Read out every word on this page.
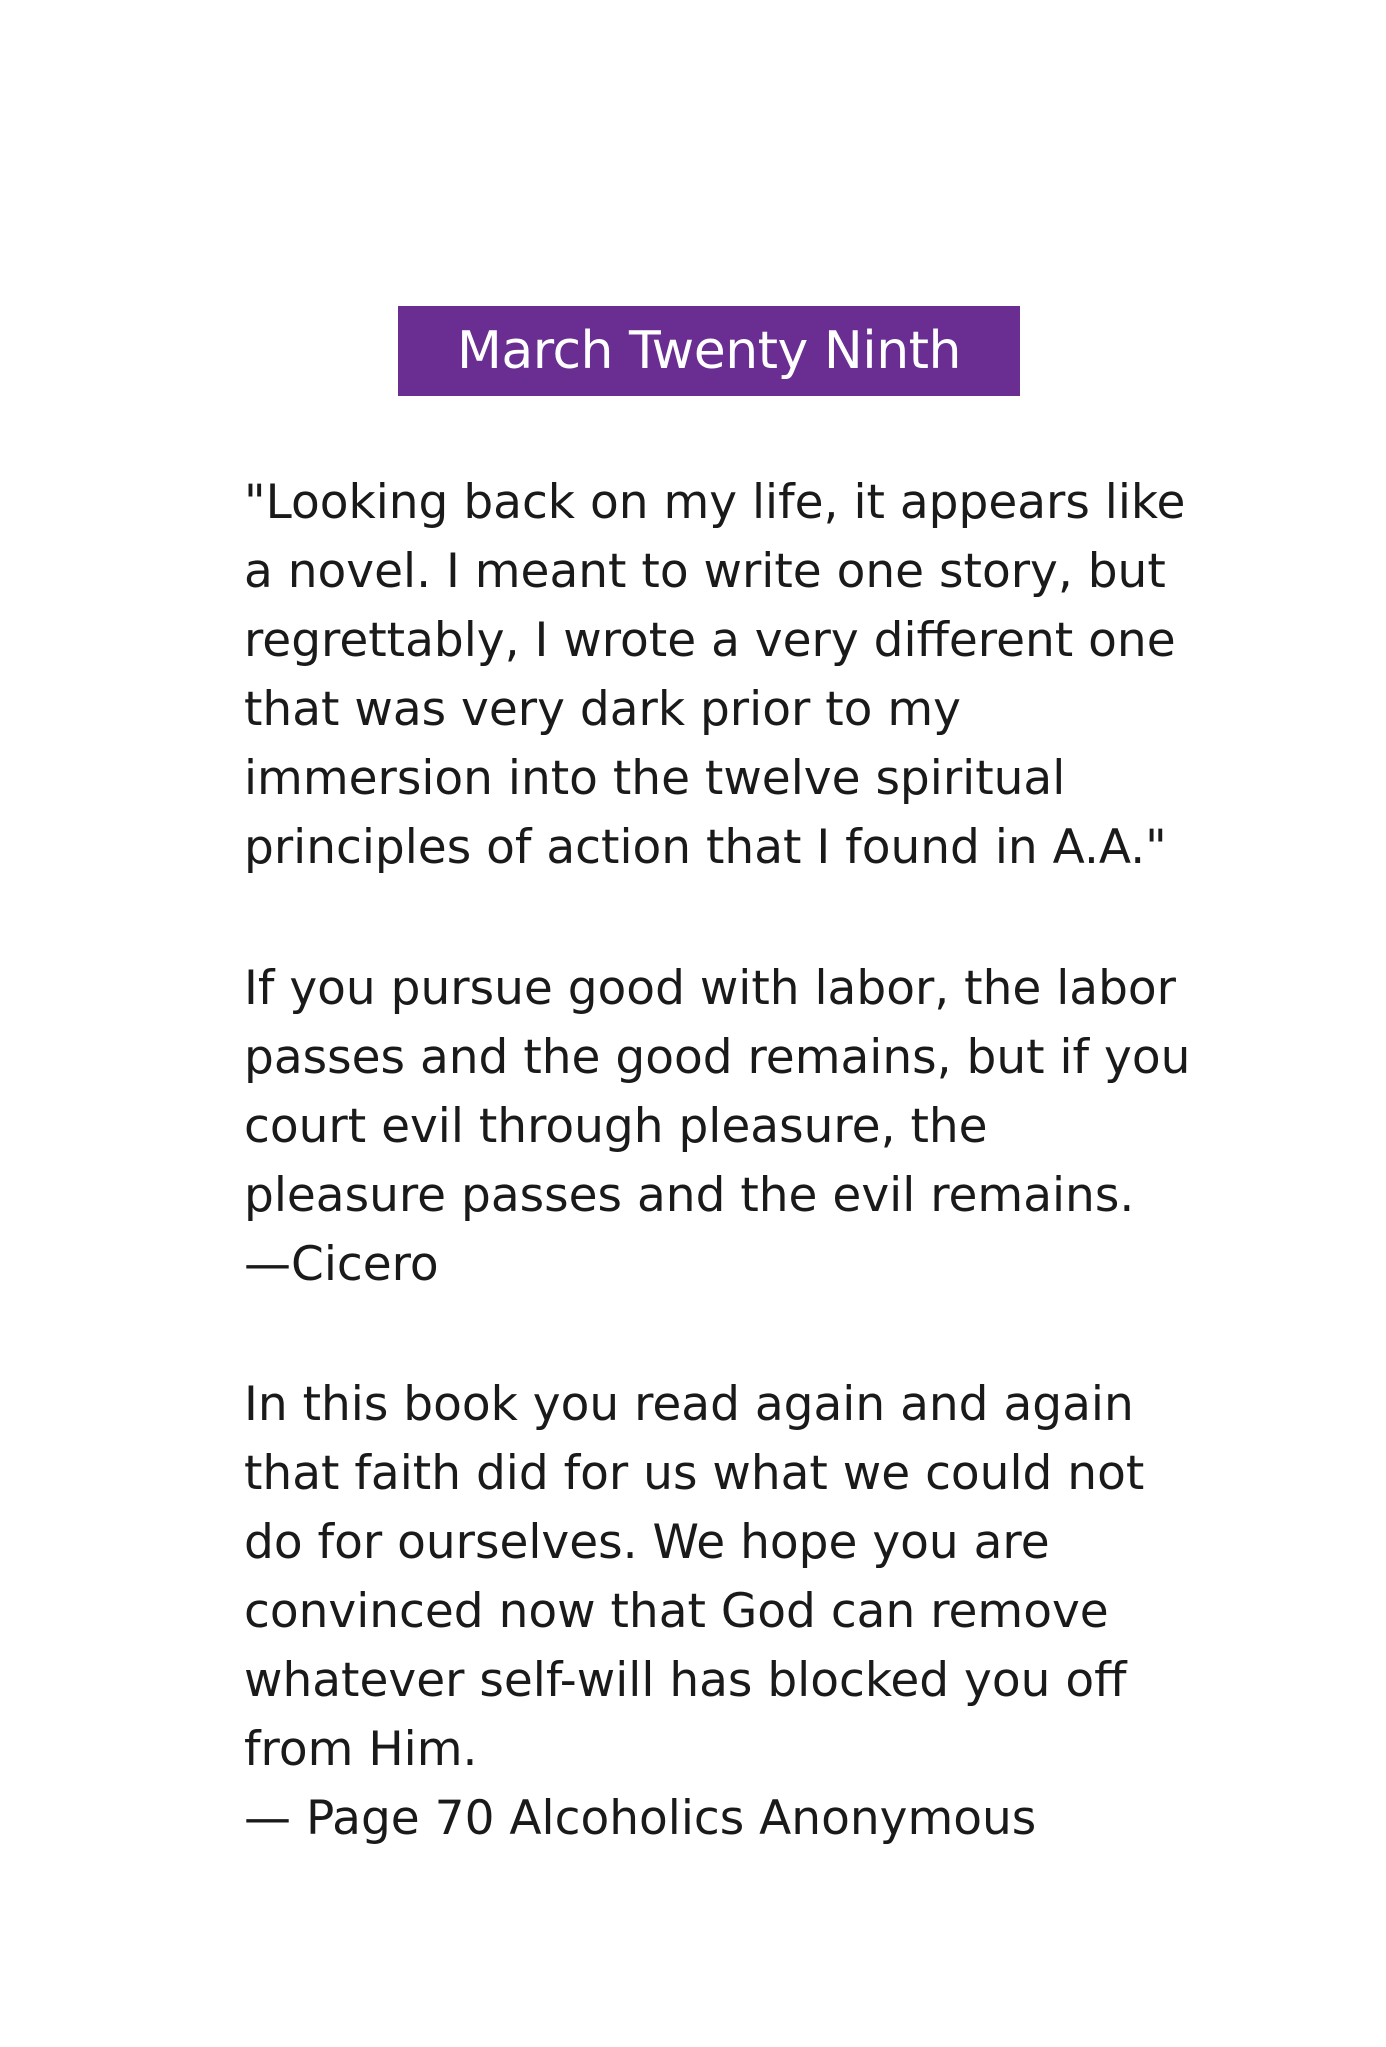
March Twenty Ninth
"Looking back on my life, it appears like
a novel. I meant to write one story, but
regrettably, I wrote a very different one
that was very dark prior to my
immersion into the twelve spiritual
principles of action that I found in A.A."
If you pursue good with labor, the labor
passes and the good remains, but if you
court evil through pleasure, the
pleasure passes and the evil remains.
—Cicero
In this book you read again and again
that faith did for us what we could not
do for ourselves. We hope you are
convinced now that God can remove
whatever self-will has blocked you off
from Him.
— Page 70 Alcoholics Anonymous
